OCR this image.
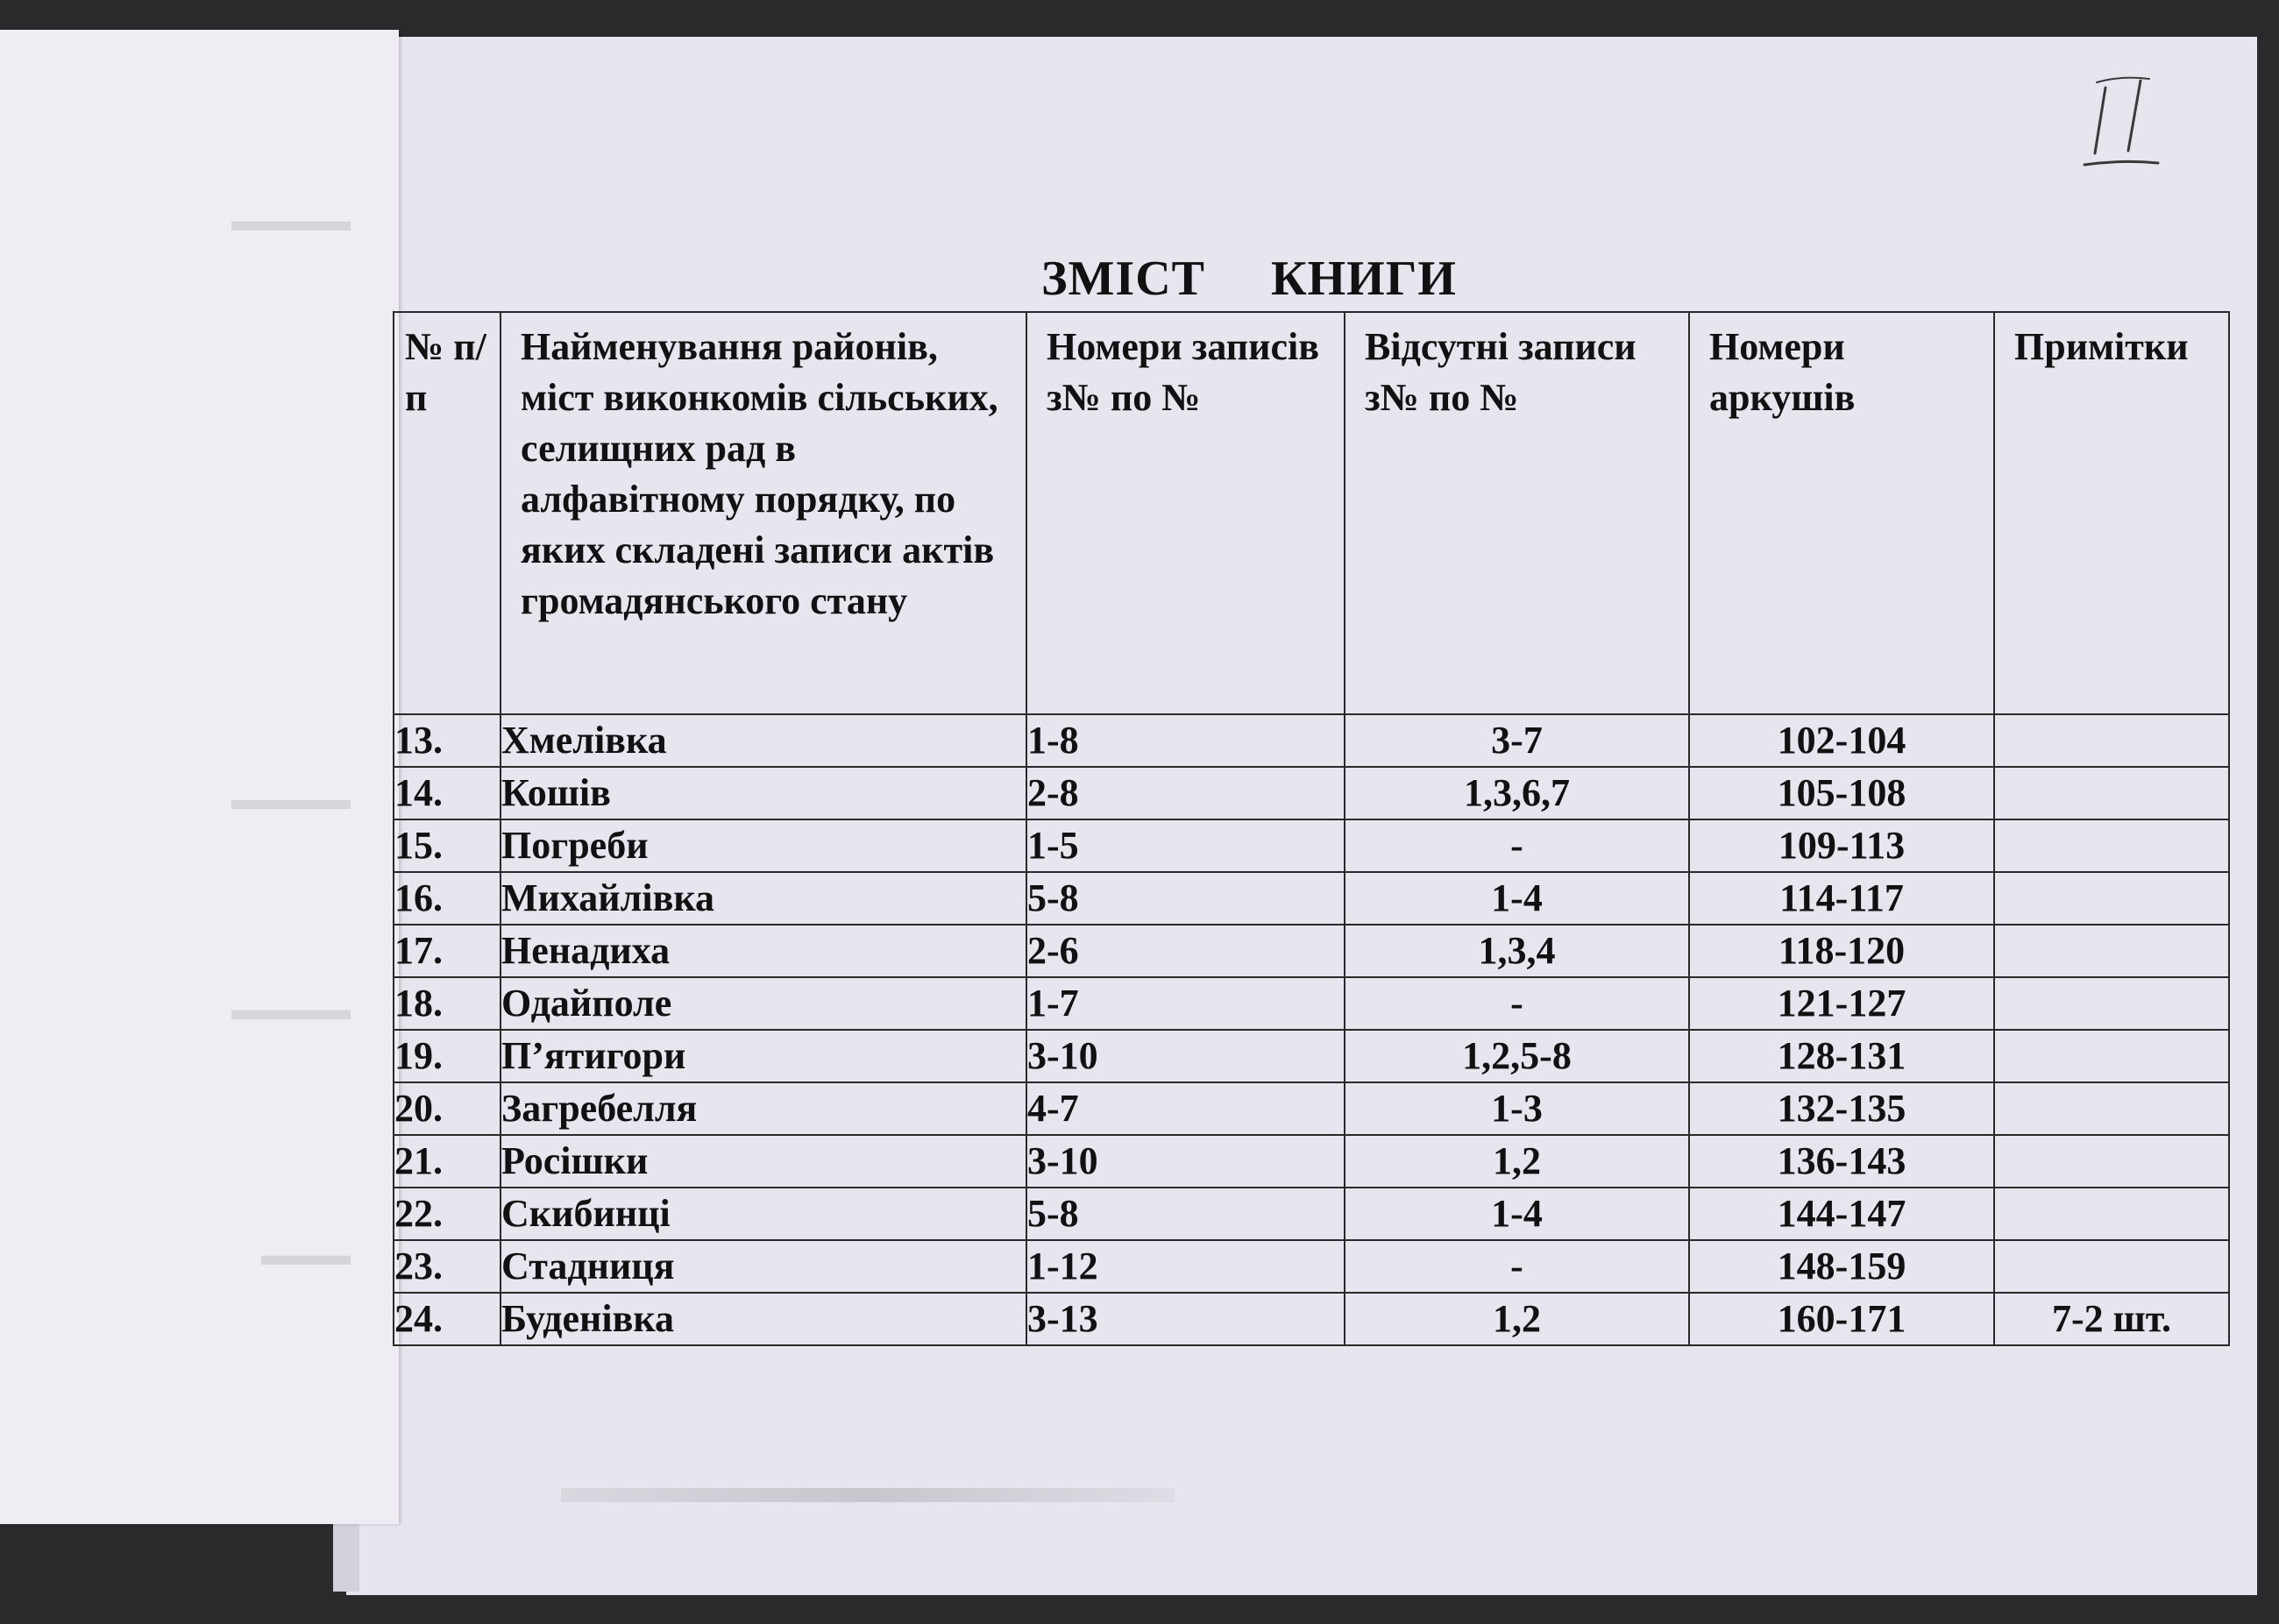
▬▬▬▬
▬▬▬▬
▬▬▬▬
▬▬▬
ЗМІСТ     КНИГИ
№ п/п	Найменування районів, міст виконкомів сільських, селищних рад в алфавітному порядку, по яких складені записи актів громадянського стану	Номери записів з№ по №	Відсутні записи з№ по №	Номери аркушів	Примітки
13.	Хмелівка	1-8	3-7	102-104	
14.	Кошів	2-8	1,3,6,7	105-108	
15.	Погреби	1-5	-	109-113	
16.	Михайлівка	5-8	1-4	114-117	
17.	Ненадиха	2-6	1,3,4	118-120	
18.	Одайполе	1-7	-	121-127	
19.	П’ятигори	3-10	1,2,5-8	128-131	
20.	Загребелля	4-7	1-3	132-135	
21.	Росішки	3-10	1,2	136-143	
22.	Скибинці	5-8	1-4	144-147	
23.	Стадниця	1-12	-	148-159	
24.	Буденівка	3-13	1,2	160-171	7-2 шт.
